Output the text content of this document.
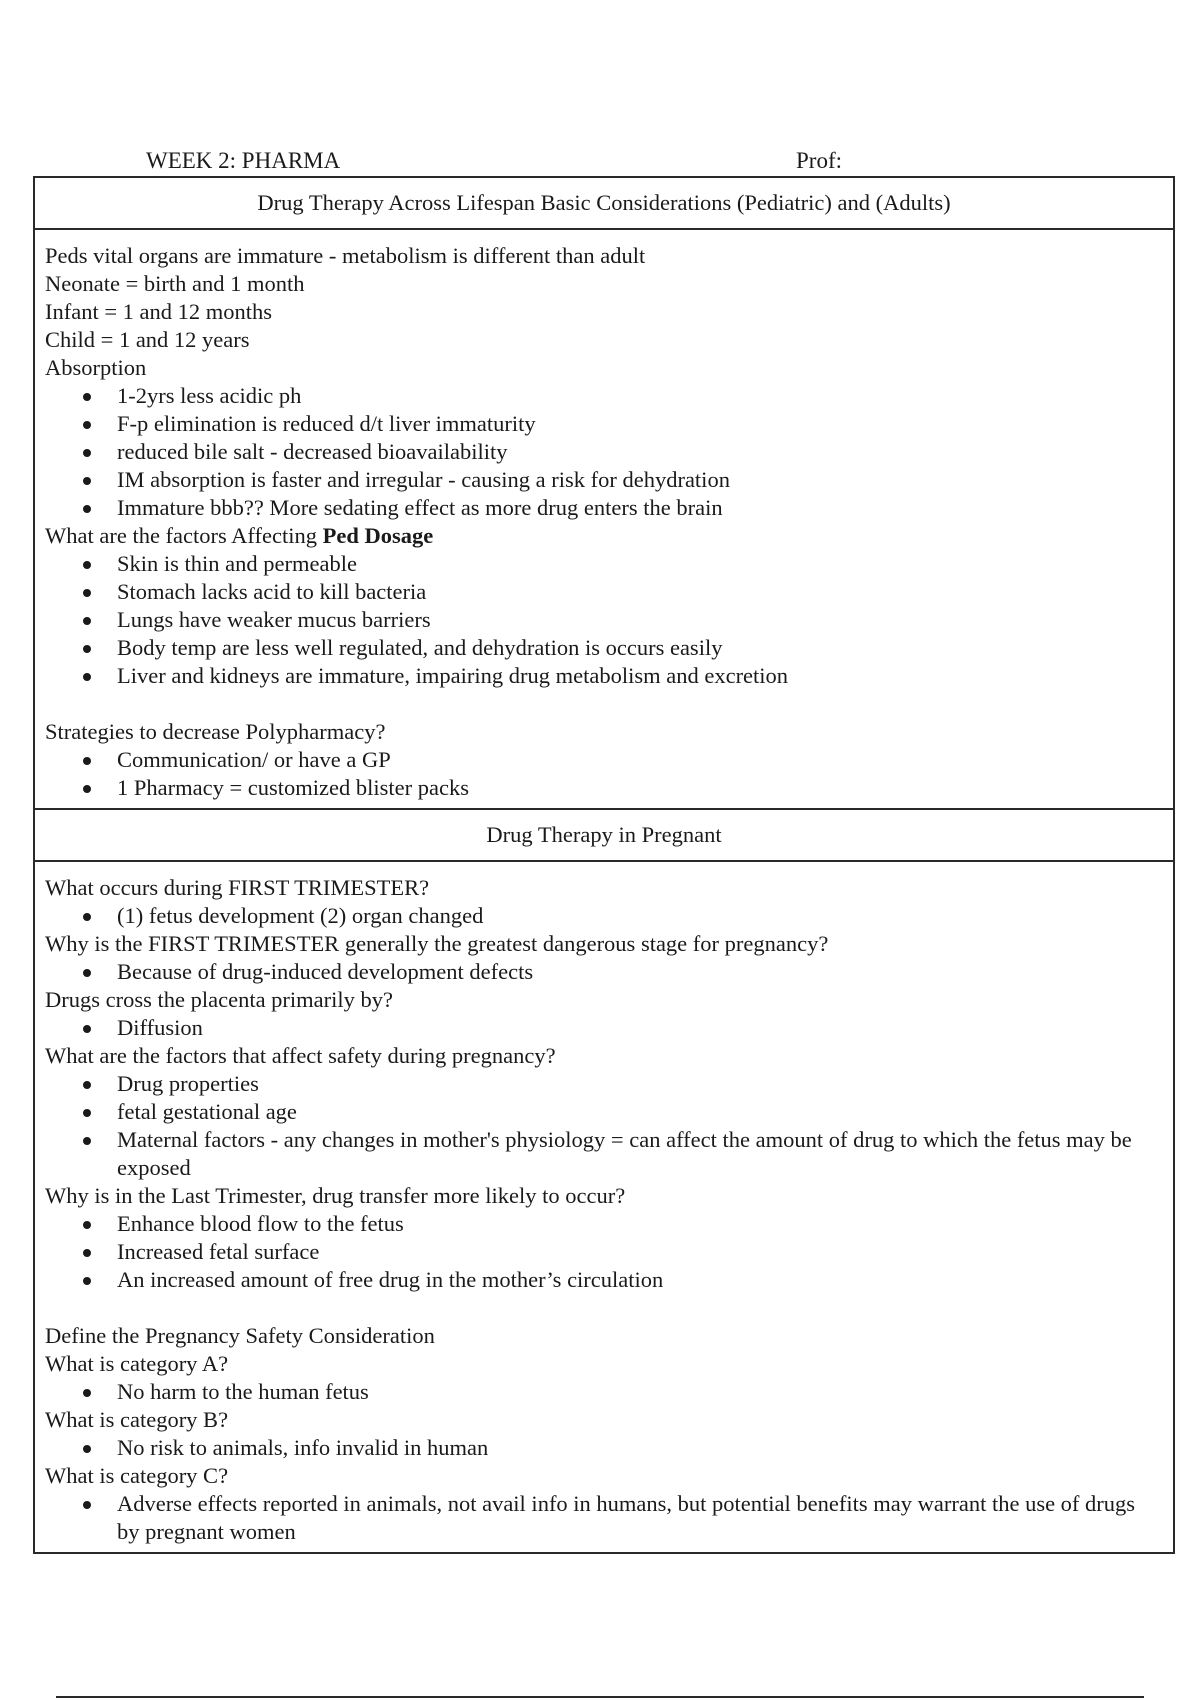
WEEK 2: PHARMA	Prof:
Drug Therapy Across Lifespan Basic Considerations (Pediatric) and (Adults)

Peds vital organs are immature - metabolism is different than adult
Neonate = birth and 1 month
Infant = 1 and 12 months
Child = 1 and 12 years
Absorption
1-2yrs less acidic ph
F-p elimination is reduced d/t liver immaturity
reduced bile salt - decreased bioavailability
IM absorption is faster and irregular - causing a risk for dehydration
Immature bbb?? More sedating effect as more drug enters the brain
What are the factors Affecting Ped Dosage
Skin is thin and permeable
Stomach lacks acid to kill bacteria
Lungs have weaker mucus barriers
Body temp are less well regulated, and dehydration is occurs easily
Liver and kidneys are immature, impairing drug metabolism and excretion
Strategies to decrease Polypharmacy?
Communication/ or have a GP
1 Pharmacy = customized blister packs

Drug Therapy in Pregnant

What occurs during FIRST TRIMESTER?
(1) fetus development (2) organ changed
Why is the FIRST TRIMESTER generally the greatest dangerous stage for pregnancy?
Because of drug-induced development defects
Drugs cross the placenta primarily by?
Diffusion
What are the factors that affect safety during pregnancy?
Drug properties
fetal gestational age
Maternal factors - any changes in mother's physiology = can affect the amount of drug to which the fetus may be exposed
Why is in the Last Trimester, drug transfer more likely to occur?
Enhance blood flow to the fetus
Increased fetal surface
An increased amount of free drug in the mother’s circulation
Define the Pregnancy Safety Consideration
What is category A?
No harm to the human fetus
What is category B?
No risk to animals, info invalid in human
What is category C?
Adverse effects reported in animals, not avail info in humans, but potential benefits may warrant the use of drugs by pregnant women
